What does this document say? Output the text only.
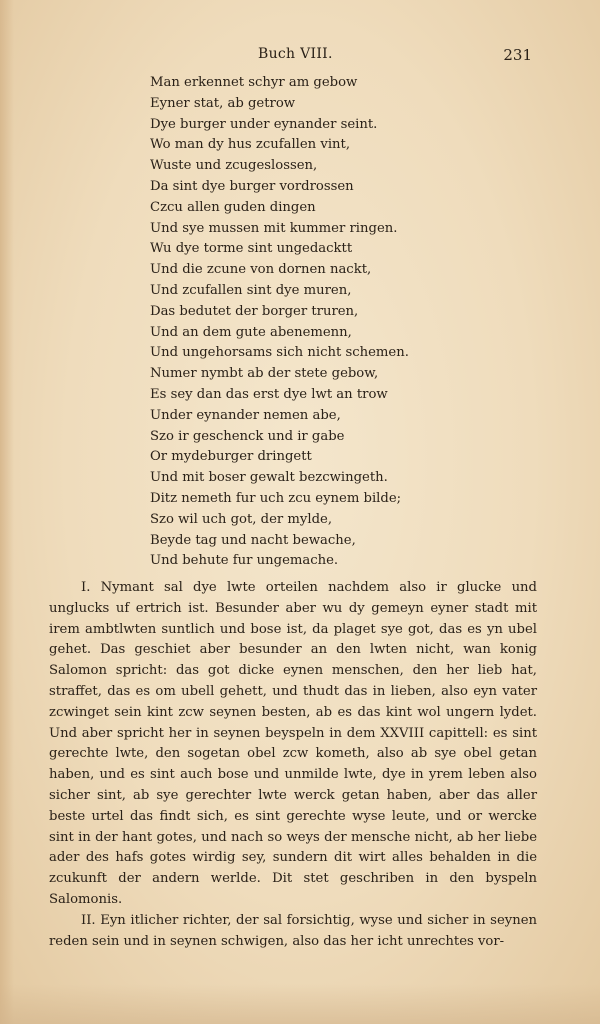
Buch VIII.	231
Man erkennet schyr am gebow
Eyner stat, ab getrow
Dye burger under eynander seint.
Wo man dy hus zcufallen vint,
Wuste und zcugeslossen,
Da sint dye burger vordrossen
Czcu allen guden dingen
Und sye mussen mit kummer ringen.
Wu dye torme sint ungedacktt
Und die zcune von dornen nackt,
Und zcufallen sint dye muren,
Das bedutet der borger truren,
Und an dem gute abenemenn,
Und ungehorsams sich nicht schemen.
Numer nymbt ab der stete gebow,
Es sey dan das erst dye lwt an trow
Under eynander nemen abe,
Szo ir geschenck und ir gabe
Or mydeburger dringett
Und mit boser gewalt bezcwingeth.
Ditz nemeth fur uch zcu eynem bilde;
Szo wil uch got, der mylde,
Beyde tag und nacht bewache,
Und behute fur ungemache.

I. Nymant sal dye lwte orteilen nachdem also ir glucke und unglucks uf ertrich ist. Besunder aber wu dy gemeyn eyner stadt mit irem ambtlwten suntlich und bose ist, da plaget sye got, das es yn ubel gehet. Das geschiet aber besunder an den lwten nicht, wan konig Salomon spricht: das got dicke eynen menschen, den her lieb hat, straffet, das es om ubell gehett, und thudt das in lieben, also eyn vater zcwinget sein kint zcw seynen besten, ab es das kint wol ungern lydet. Und aber spricht her in seynen beyspeln in dem XXVIII capittell: es sint gerechte lwte, den sogetan obel zcw kometh, also ab sye obel getan haben, und es sint auch bose und unmilde lwte, dye in yrem leben also sicher sint, ab sye gerechter lwte werck getan haben, aber das aller beste urtel das findt sich, es sint gerechte wyse leute, und or wercke sint in der hant gotes, und nach so weys der mensche nicht, ab her liebe ader des hafs gotes wirdig sey, sundern dit wirt alles behalden in die zcukunft der andern werlde. Dit stet geschriben in den byspeln Salomonis.

II. Eyn itlicher richter, der sal forsichtig, wyse und sicher in seynen reden sein und in seynen schwigen, also das her icht unrechtes vor-
